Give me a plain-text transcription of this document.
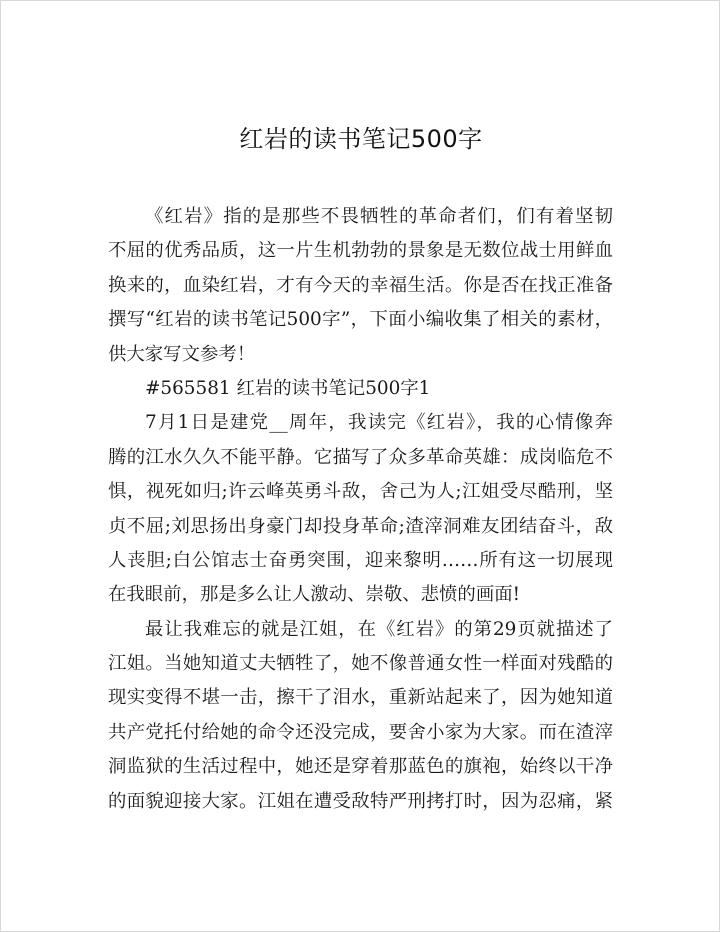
红岩的读书笔记500字
《红岩》指的是那些不畏牺牲的革命者们，们有着坚韧
不屈的优秀品质，这一片生机勃勃的景象是无数位战士用鲜血
换来的，血染红岩，才有今天的幸福生活。你是否在找正准备
撰写“红岩的读书笔记500字”，下面小编收集了相关的素材，
供大家写文参考！
#565581 红岩的读书笔记500字1
7月1日是建党__周年，我读完《红岩》，我的心情像奔
腾的江水久久不能平静。它描写了众多革命英雄：成岗临危不
惧，视死如归;许云峰英勇斗敌，舍己为人;江姐受尽酷刑，坚
贞不屈;刘思扬出身豪门却投身革命;渣滓洞难友团结奋斗，敌
人丧胆;白公馆志士奋勇突围，迎来黎明……所有这一切展现
在我眼前，那是多么让人激动、崇敬、悲愤的画面!
最让我难忘的就是江姐，在《红岩》的第29页就描述了
江姐。当她知道丈夫牺牲了，她不像普通女性一样面对残酷的
现实变得不堪一击，擦干了泪水，重新站起来了，因为她知道
共产党托付给她的命令还没完成，要舍小家为大家。而在渣滓
洞监狱的生活过程中，她还是穿着那蓝色的旗袍，始终以干净
的面貌迎接大家。江姐在遭受敌特严刑拷打时，因为忍痛，紧
